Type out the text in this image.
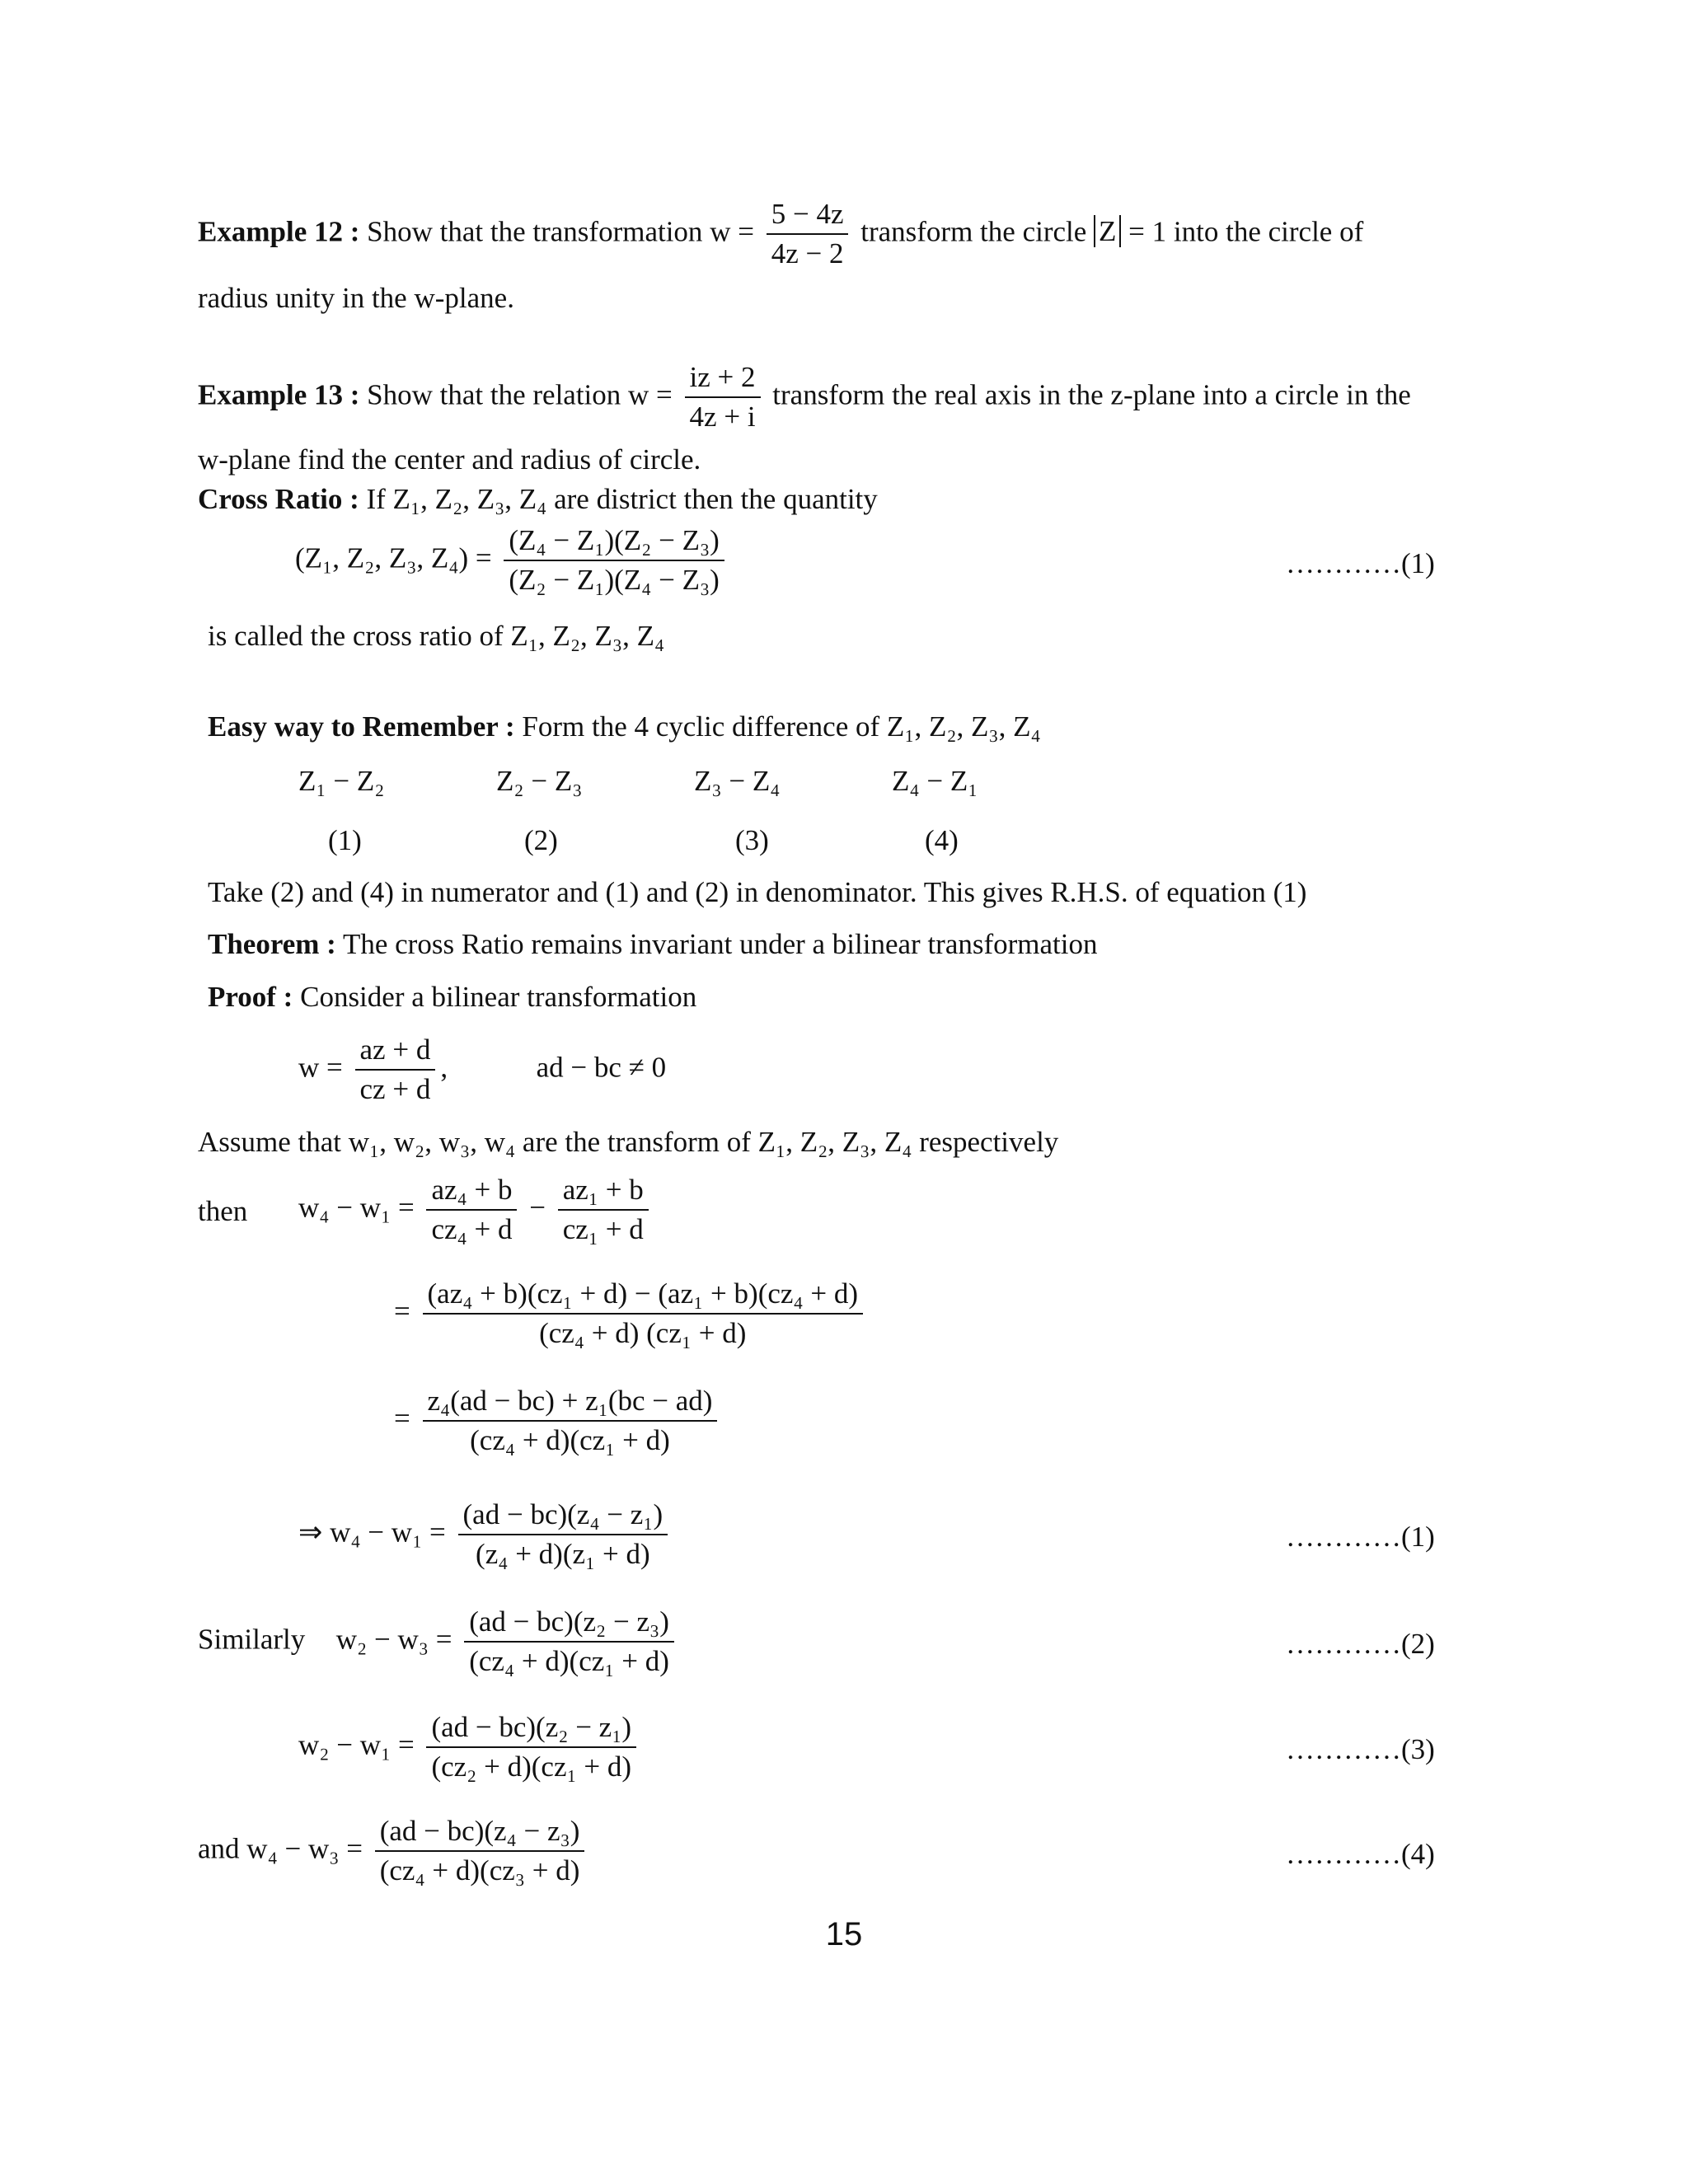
Example 12 : Show that the transformation $w = \frac{5 - 4z}{4z - 2}$ transform the circle Z = 1 into the circle of
radius unity in the w-plane.
Example 13 : Show that the relation $w = \frac{iz + 2}{4z + i}$ transform the real axis in the z-plane into a circle in the
w-plane find the center and radius of circle.
Cross Ratio : If Z₁, Z₂, Z₃, Z₄ are district then the quantity
(Z₁, Z₂, Z₃, $Z_4) = \frac{\text{(Z₄ − Z₁)(Z₂ − Z₃)}}{\text{(Z₂ − Z₁)(Z₄ − Z₃)}}$	…………(1)
is called the cross ratio of Z₁, Z₂, Z₃, Z₄
Easy way to Remember : Form the 4 cyclic difference of Z₁, Z₂, Z₃, Z₄
Z₁ − Z₂	Z₂ − Z₃	Z₃ − Z₄	Z₄ − Z₁
(1)	(2)	(3)	(4)
Take (2) and (4) in numerator and (1) and (2) in denominator. This gives R.H.S. of equation (1)
Theorem : The cross Ratio remains invariant under a bilinear transformation
Proof : Consider a bilinear transformation
$w = \frac{az + d}{cz + d}$ ,	ad − bc ≠ 0
Assume that w₁, w₂, w₃, w₄ are the transform of Z₁, Z₂, Z₃, Z₄ respectively
then $w_4 - w_1 = \frac{\text{az₄ + b}}{\text{cz₄ + d}} - \frac{\text{az₁ + b}}{\text{cz₁ + d}}$
= $\frac{\text{(az₄ + b)(cz₁ + d) − (az₁ + b)(cz₄ + d)}}{\text{(cz₄ + d) (cz₁ + d)}}$
= $\frac{\text{z₄(ad − bc) + z₁(bc − ad)}}{\text{(cz₄ + d)(cz₁ + d)}}$
⇒ $w_4 - w_1 = \frac{\text{(ad − bc)(z₄ − z₁)}}{\text{(z₄ + d)(z₁ + d)}}$	…………(1)
Similarly $w_2 - w_3 = \frac{\text{(ad − bc)(z₂ − z₃)}}{\text{(cz₄ + d)(cz₁ + d)}}$	…………(2)
$w_2 - w_1 = \frac{\text{(ad − bc)(z₂ − z₁)}}{\text{(cz₂ + d)(cz₁ + d)}}$	…………(3)
and $w_4 - w_3 = \frac{\text{(ad − bc)(z₄ − z₃)}}{\text{(cz₄ + d)(cz₃ + d)}}$	…………(4)
15
